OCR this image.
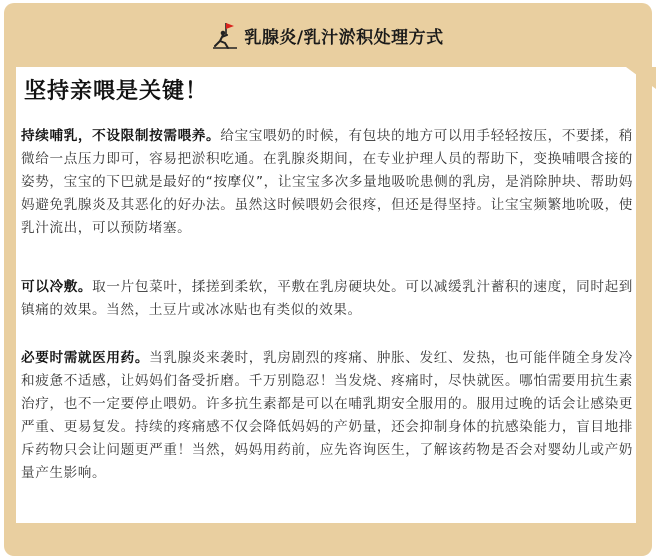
乳腺炎/乳汁淤积处理方式
坚持亲喂是关键！

持续哺乳，不设限制按需喂养。给宝宝喂奶的时候，有包块的地方可以用手轻轻按压，不要揉，稍微给一点压力即可，容易把淤积吃通。在乳腺炎期间，在专业护理人员的帮助下，变换哺喂含接的姿势，宝宝的下巴就是最好的“按摩仪”，让宝宝多次多量地吸吮患侧的乳房，是消除肿块、帮助妈妈避免乳腺炎及其恶化的好办法。虽然这时候喂奶会很疼，但还是得坚持。让宝宝频繁地吮吸，使乳汁流出，可以预防堵塞。

可以冷敷。取一片包菜叶，揉搓到柔软，平敷在乳房硬块处。可以减缓乳汁蓄积的速度，同时起到镇痛的效果。当然，土豆片或冰冰贴也有类似的效果。

必要时需就医用药。当乳腺炎来袭时，乳房剧烈的疼痛、肿胀、发红、发热，也可能伴随全身发冷和疲惫不适感，让妈妈们备受折磨。千万别隐忍！当发烧、疼痛时，尽快就医。哪怕需要用抗生素治疗，也不一定要停止喂奶。许多抗生素都是可以在哺乳期安全服用的。服用过晚的话会让感染更严重、更易复发。持续的疼痛感不仅会降低妈妈的产奶量，还会抑制身体的抗感染能力，盲目地排斥药物只会让问题更严重！当然，妈妈用药前，应先咨询医生，了解该药物是否会对婴幼儿或产奶量产生影响。
